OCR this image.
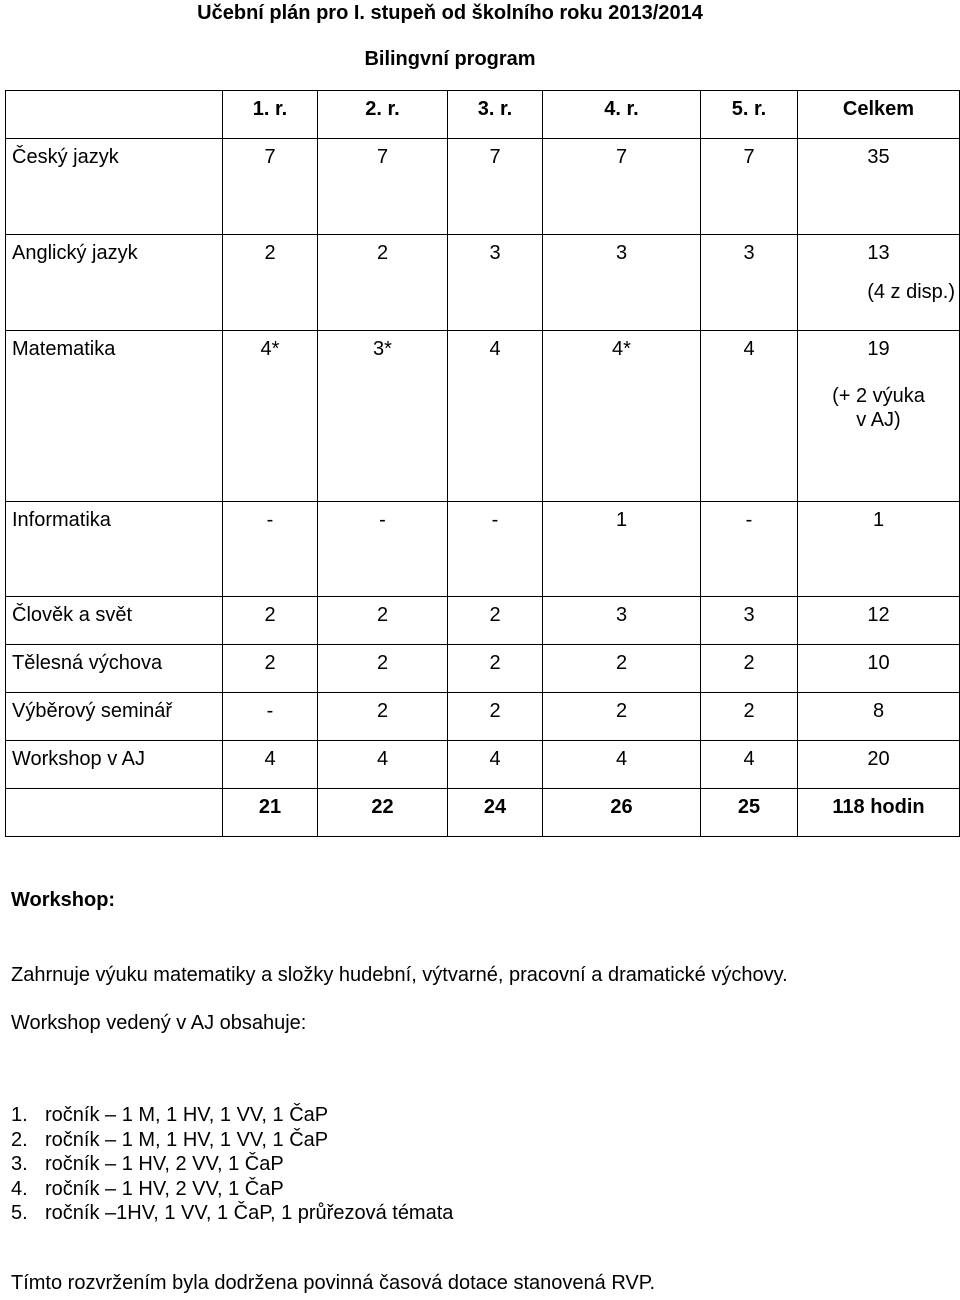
Učební plán pro I. stupeň od školního roku 2013/2014
Bilingvní program
	1. r.	2. r.	3. r.	4. r.	5. r.	Celkem
Český jazyk	7	7	7	7	7	35
Anglický jazyk	2	2	3	3	3	13
(4 z disp.)

Matematika	4*	3*	4	4*	4	19
(+ 2 výuka v AJ)

Informatika	-	-	-	1	-	1
Člověk a svět	2	2	2	3	3	12
Tělesná výchova	2	2	2	2	2	10
Výběrový seminář	-	2	2	2	2	8
Workshop v AJ	4	4	4	4	4	20
	21	22	24	26	25	118 hodin
Workshop:
Zahrnuje výuku matematiky a složky hudební, výtvarné, pracovní a dramatické výchovy.
Workshop vedený v AJ obsahuje:
1. ročník – 1 M, 1 HV, 1 VV, 1 ČaP
2. ročník – 1 M, 1 HV, 1 VV, 1 ČaP
3. ročník – 1 HV, 2 VV, 1 ČaP
4. ročník – 1 HV, 2 VV, 1 ČaP
5. ročník –1HV, 1 VV, 1 ČaP, 1 průřezová témata
Tímto rozvržením byla dodržena povinná časová dotace stanovená RVP.
